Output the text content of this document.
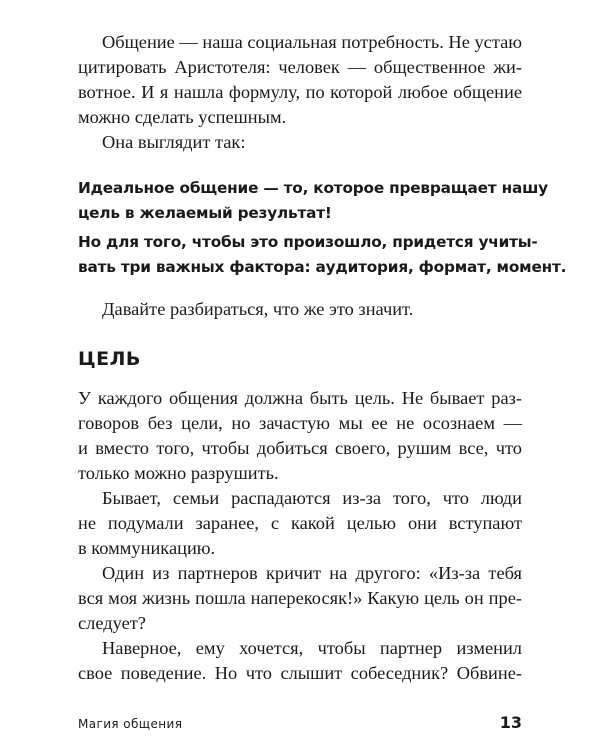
Общение — наша социальная потребность. Не устаю
цитировать Аристотеля: человек — общественное жи-
вотное. И я нашла формулу, по которой любое общение
можно сделать успешным.
Она выглядит так:
Идеальное общение — то, которое превращает нашу
цель в желаемый результат!
Но для того, чтобы это произошло, придется учиты-
вать три важных фактора: аудитория, формат, момент.
Давайте разбираться, что же это значит.
ЦЕЛЬ
У каждого общения должна быть цель. Не бывает раз-
говоров без цели, но зачастую мы ее не осознаем —
и вместо того, чтобы добиться своего, рушим все, что
только можно разрушить.
Бывает, семьи распадаются из-за того, что люди
не подумали заранее, с какой целью они вступают
в коммуникацию.
Один из партнеров кричит на другого: «Из-за тебя
вся моя жизнь пошла наперекосяк!» Какую цель он пре-
следует?
Наверное, ему хочется, чтобы партнер изменил
свое поведение. Но что слышит собеседник? Обвине-
Магия общения	13
